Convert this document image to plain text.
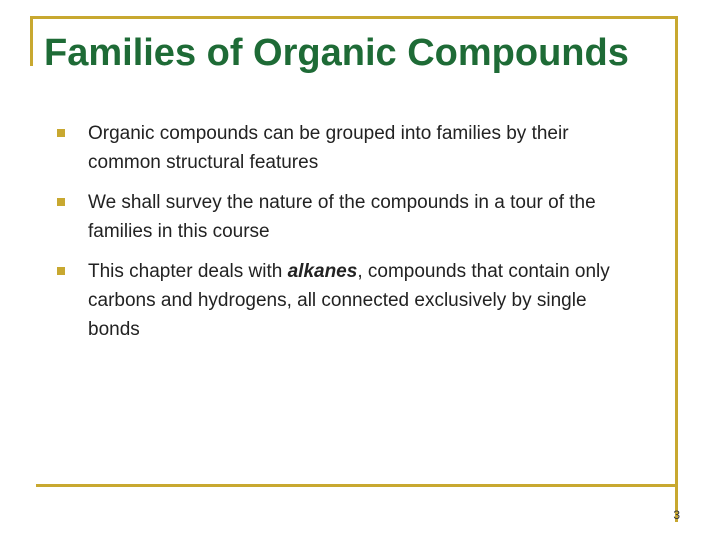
Families of Organic Compounds
Organic compounds can be grouped into families by their common structural features
We shall survey the nature of the compounds in a tour of the families in this course
This chapter deals with alkanes, compounds that contain only carbons and hydrogens, all connected exclusively by single bonds
3
